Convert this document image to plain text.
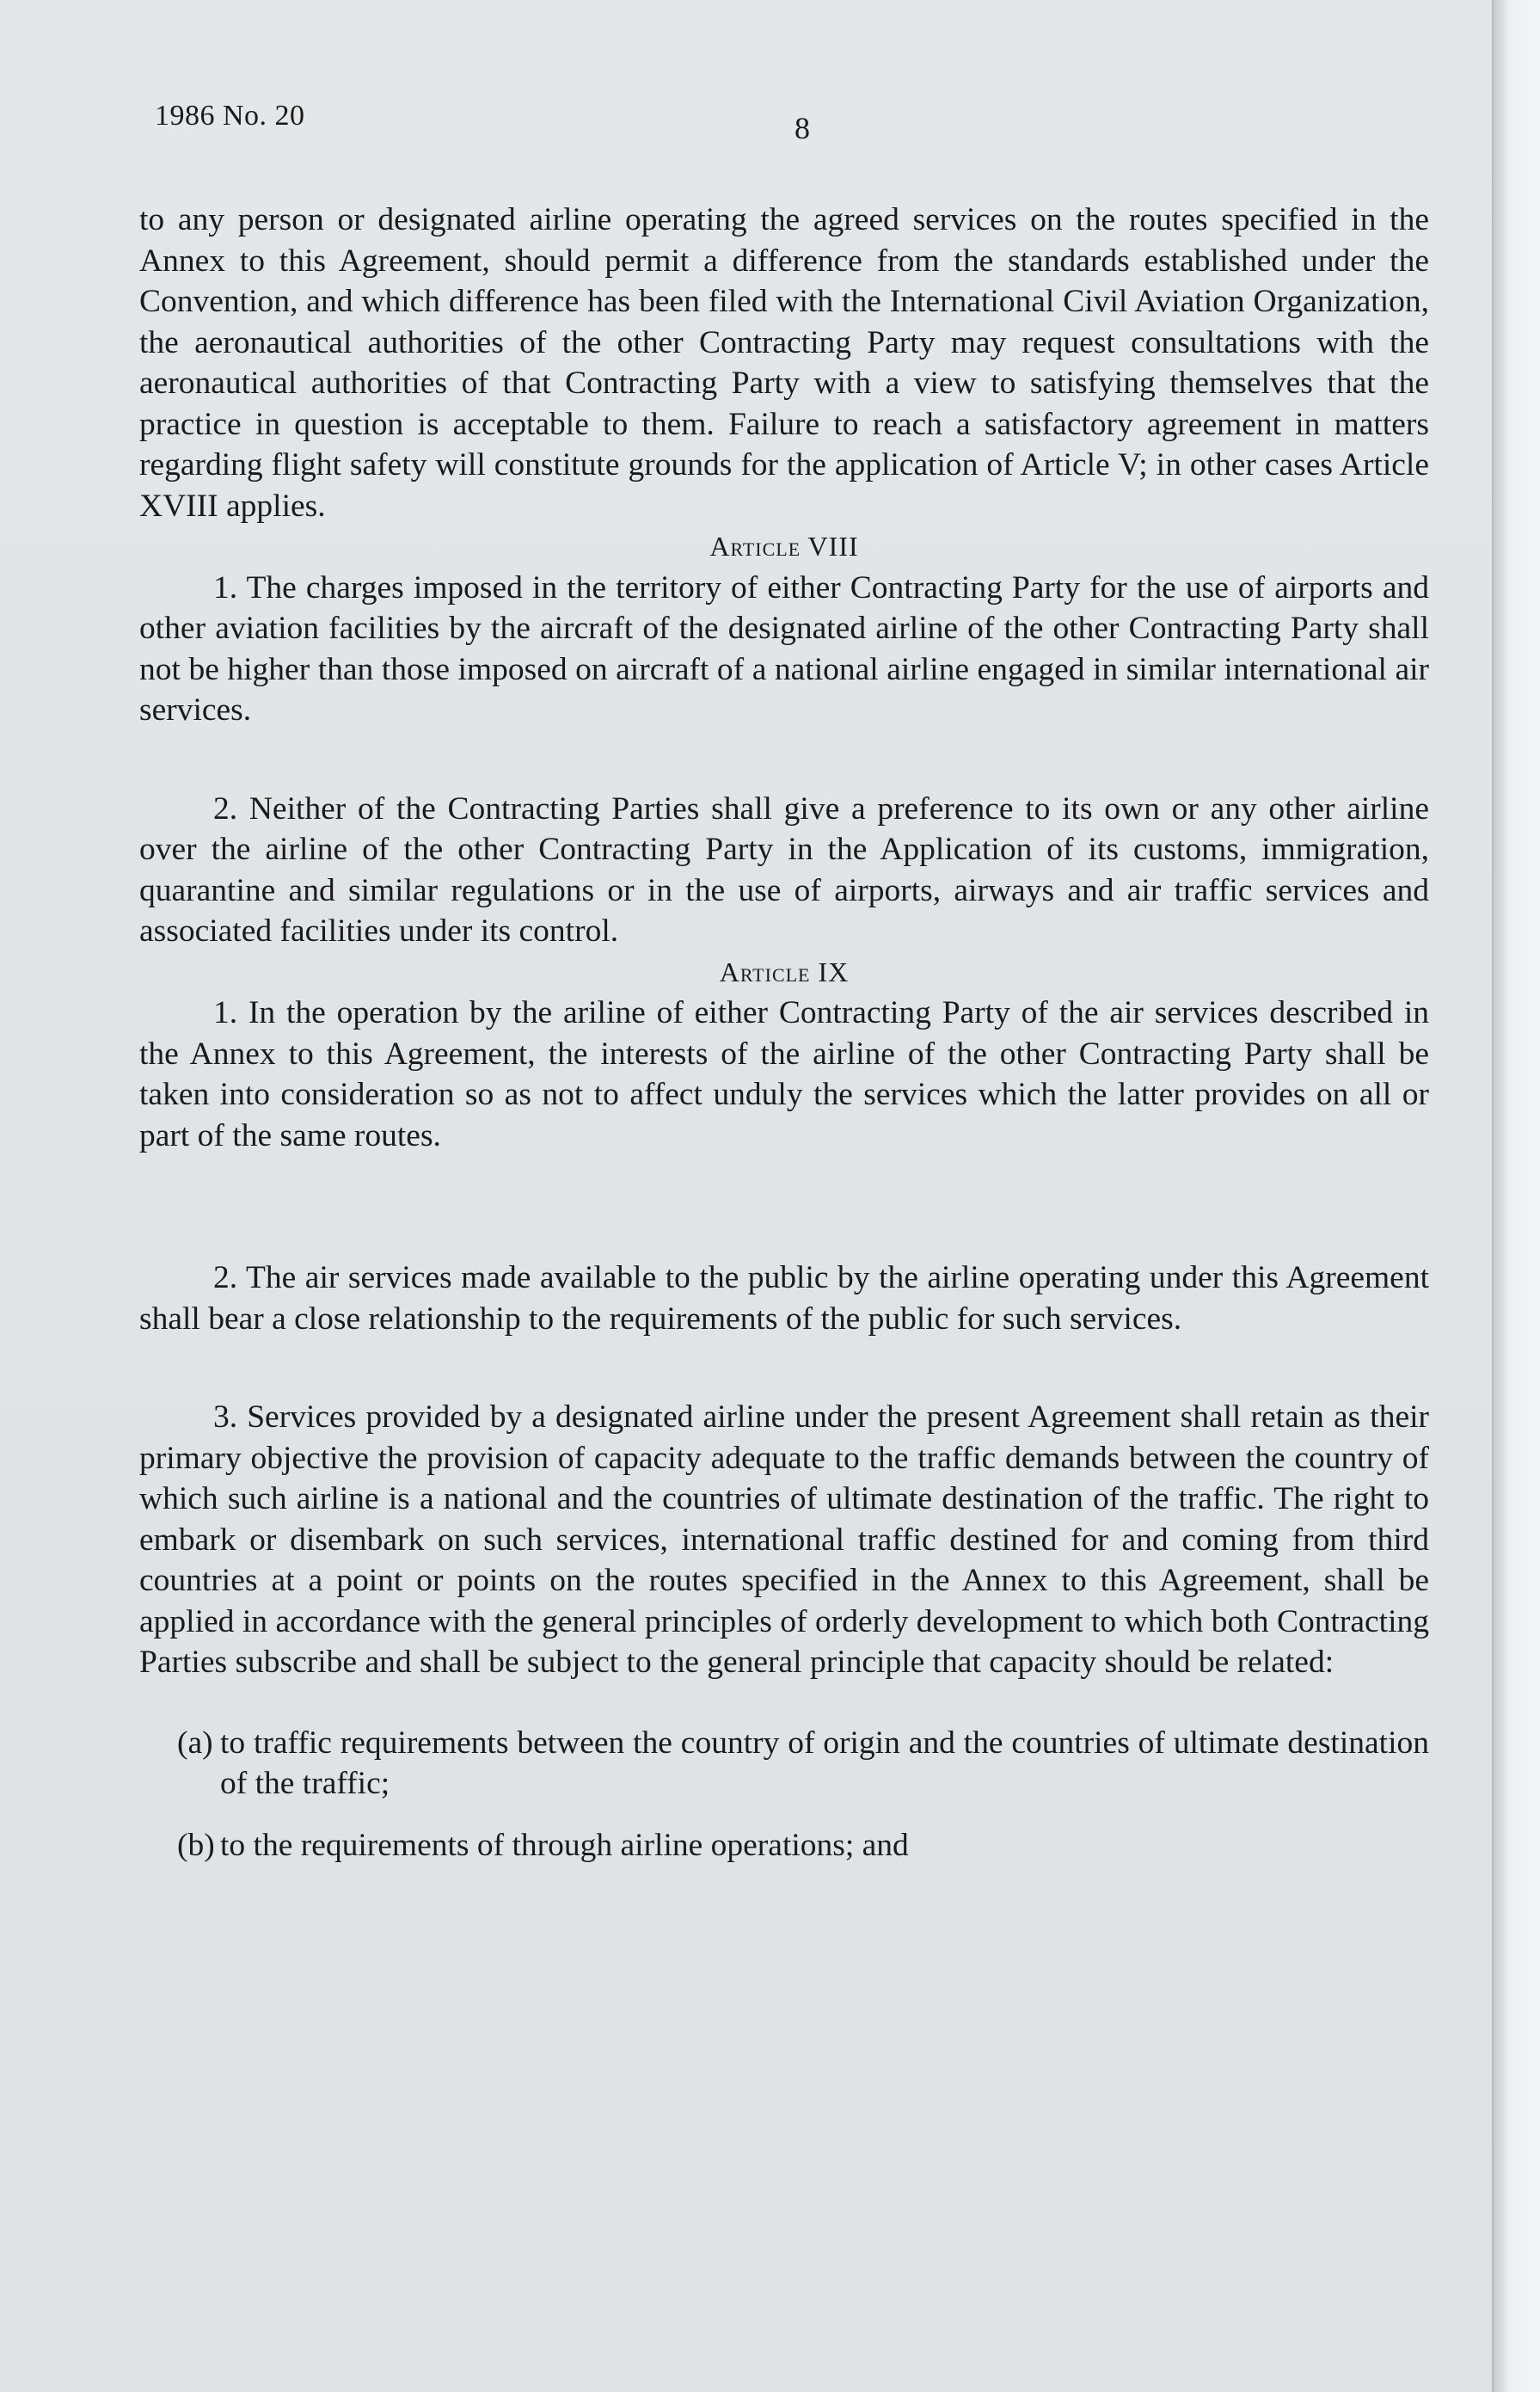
1986 No. 20	8

to any person or designated airline operating the agreed services on the routes specified in the Annex to this Agreement, should permit a difference from the standards established under the Convention, and which difference has been filed with the International Civil Aviation Organization, the aeronautical authorities of the other Contracting Party may request consultations with the aeronautical authorities of that Contracting Party with a view to satisfying themselves that the practice in question is acceptable to them. Failure to reach a satisfactory agreement in matters regarding flight safety will constitute grounds for the application of Article V; in other cases Article XVIII applies.

Article VIII

1. The charges imposed in the territory of either Contracting Party for the use of airports and other aviation facilities by the aircraft of the designated airline of the other Contracting Party shall not be higher than those imposed on aircraft of a national airline engaged in similar international air services.

2. Neither of the Contracting Parties shall give a preference to its own or any other airline over the airline of the other Contracting Party in the Application of its customs, immigration, quarantine and similar regulations or in the use of airports, airways and air traffic services and associated facilities under its control.

Article IX

1. In the operation by the ariline of either Contracting Party of the air services described in the Annex to this Agreement, the interests of the airline of the other Contracting Party shall be taken into consideration so as not to affect unduly the services which the latter provides on all or part of the same routes.

2. The air services made available to the public by the airline operating under this Agreement shall bear a close relationship to the requirements of the public for such services.

3. Services provided by a designated airline under the present Agreement shall retain as their primary objective the provision of capacity adequate to the traffic demands between the country of which such airline is a national and the countries of ultimate destination of the traffic. The right to embark or disembark on such services, international traffic destined for and coming from third countries at a point or points on the routes specified in the Annex to this Agreement, shall be applied in accordance with the general principles of orderly development to which both Contracting Parties subscribe and shall be subject to the general principle that capacity should be related:

(a) to traffic requirements between the country of origin and the countries of ultimate destination of the traffic;
(b) to the requirements of through airline operations; and
